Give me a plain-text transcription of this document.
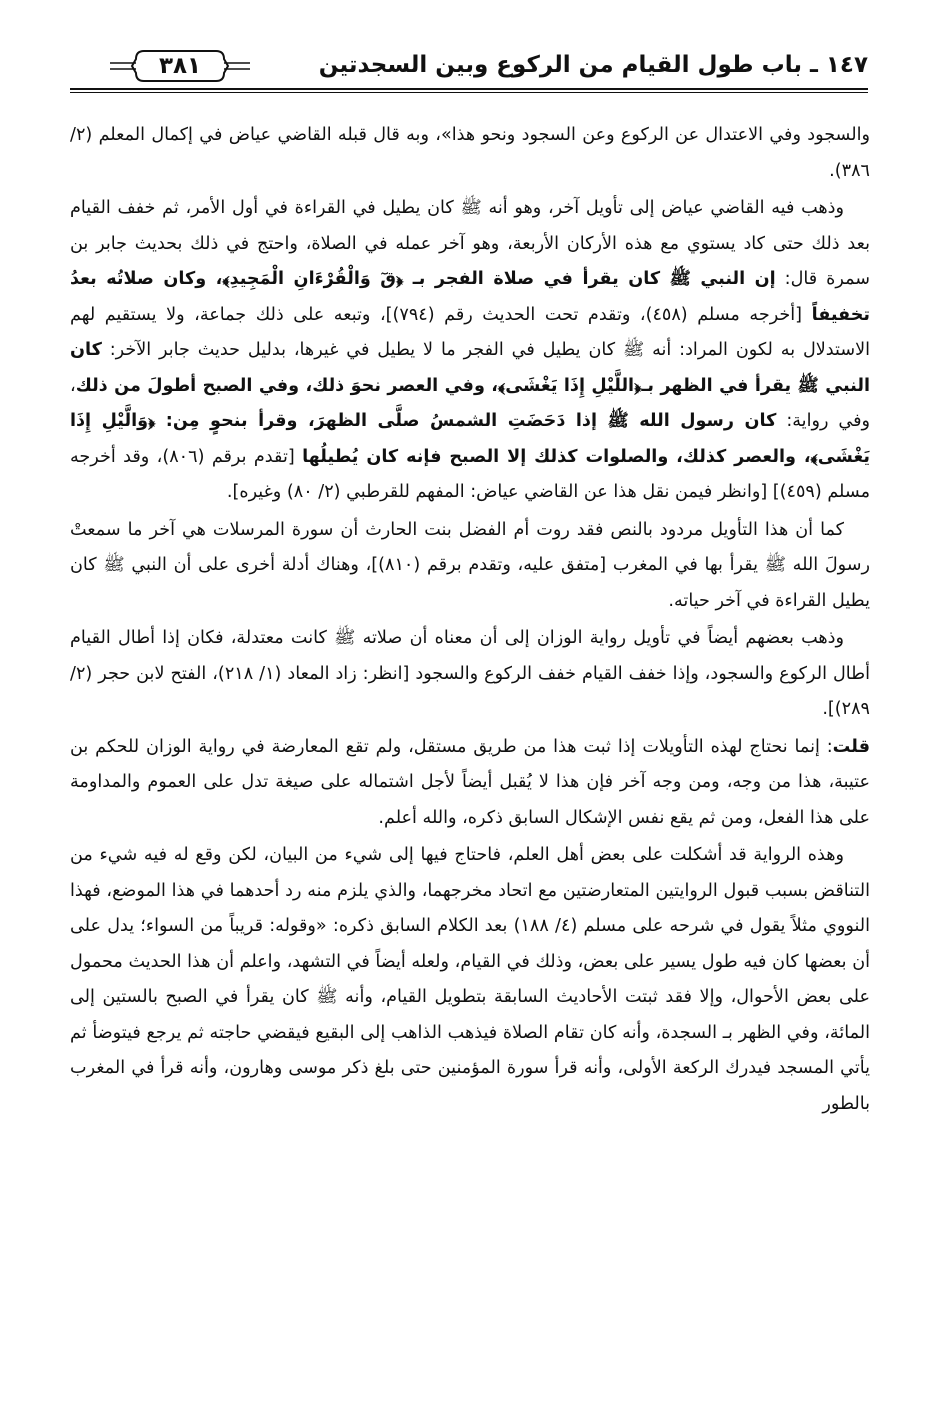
١٤٧ ـ باب طول القيام من الركوع وبين السجدتين
٣٨١

والسجود وفي الاعتدال عن الركوع وعن السجود ونحو هذا»، وبه قال قبله القاضي عياض في إكمال المعلم (٢/ ٣٨٦).

وذهب فيه القاضي عياض إلى تأويل آخر، وهو أنه ﷺ كان يطيل في القراءة في أول الأمر، ثم خفف القيام بعد ذلك حتى كاد يستوي مع هذه الأركان الأربعة، وهو آخر عمله في الصلاة، واحتج في ذلك بحديث جابر بن سمرة قال: إن النبي ﷺ كان يقرأ في صلاة الفجر بـ ﴿قٓ وَالْقُرْءَانِ الْمَجِيدِ﴾، وكان صلاتُه بعدُ تخفيفاً [أخرجه مسلم (٤٥٨)، وتقدم تحت الحديث رقم (٧٩٤)]، وتبعه على ذلك جماعة، ولا يستقيم لهم الاستدلال به لكون المراد: أنه ﷺ كان يطيل في الفجر ما لا يطيل في غيرها، بدليل حديث جابر الآخر: كان النبي ﷺ يقرأ في الظهر بـ﴿اللَّيْلِ إِذَا يَغْشَى﴾، وفي العصر نحوَ ذلك، وفي الصبح أطولَ من ذلك، وفي رواية: كان رسول الله ﷺ إذا دَحَضَتِ الشمسُ صلَّى الظهرَ، وقرأ بنحوٍ مِن: ﴿وَالَّيْلِ إِذَا يَغْشَى﴾، والعصر كذلك، والصلوات كذلك إلا الصبح فإنه كان يُطيلُها [تقدم برقم (٨٠٦)، وقد أخرجه مسلم (٤٥٩)] [وانظر فيمن نقل هذا عن القاضي عياض: المفهم للقرطبي (٢/ ٨٠) وغيره].

كما أن هذا التأويل مردود بالنص فقد روت أم الفضل بنت الحارث أن سورة المرسلات هي آخر ما سمعتْ رسولَ الله ﷺ يقرأ بها في المغرب [متفق عليه، وتقدم برقم (٨١٠)]، وهناك أدلة أخرى على أن النبي ﷺ كان يطيل القراءة في آخر حياته.

وذهب بعضهم أيضاً في تأويل رواية الوزان إلى أن معناه أن صلاته ﷺ كانت معتدلة، فكان إذا أطال القيام أطال الركوع والسجود، وإذا خفف القيام خفف الركوع والسجود [انظر: زاد المعاد (١/ ٢١٨)، الفتح لابن حجر (٢/ ٢٨٩)].

قلت: إنما نحتاج لهذه التأويلات إذا ثبت هذا من طريق مستقل، ولم تقع المعارضة في رواية الوزان للحكم بن عتيبة، هذا من وجه، ومن وجه آخر فإن هذا لا يُقبل أيضاً لأجل اشتماله على صيغة تدل على العموم والمداومة على هذا الفعل، ومن ثم يقع نفس الإشكال السابق ذكره، والله أعلم.

وهذه الرواية قد أشكلت على بعض أهل العلم، فاحتاج فيها إلى شيء من البيان، لكن وقع له فيه شيء من التناقض بسبب قبول الروايتين المتعارضتين مع اتحاد مخرجهما، والذي يلزم منه رد أحدهما في هذا الموضع، فهذا النووي مثلاً يقول في شرحه على مسلم (٤/ ١٨٨) بعد الكلام السابق ذكره: «وقوله: قريباً من السواء؛ يدل على أن بعضها كان فيه طول يسير على بعض، وذلك في القيام، ولعله أيضاً في التشهد، واعلم أن هذا الحديث محمول على بعض الأحوال، وإلا فقد ثبتت الأحاديث السابقة بتطويل القيام، وأنه ﷺ كان يقرأ في الصبح بالستين إلى المائة، وفي الظهر بـ السجدة، وأنه كان تقام الصلاة فيذهب الذاهب إلى البقيع فيقضي حاجته ثم يرجع فيتوضأ ثم يأتي المسجد فيدرك الركعة الأولى، وأنه قرأ سورة المؤمنين حتى بلغ ذكر موسى وهارون، وأنه قرأ في المغرب بالطور
